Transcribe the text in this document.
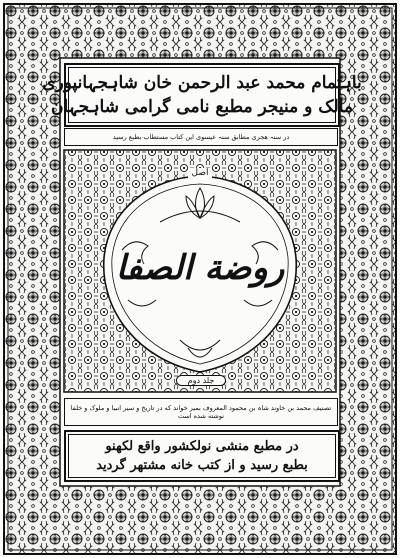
باہتمام محمد عبد الرحمن خان شاہجہانپوری
مالک و منیجر مطبع نامی گرامی شاہجہان
در سنہ هجری مطابق سنہ عیسوی این کتاب مستطاب بطبع رسید
اصل
روضة الصفا
جلد دوم
تصنیف محمد بن خاوند شاہ بن محمود المعروف بمیر خواند که در تاریخ و سیر انبیا و ملوک و خلفا نوشته شده است
در مطبع منشی نولکشور واقع لکھنو
بطبع رسید و از کتب خانه مشتهر گردید
